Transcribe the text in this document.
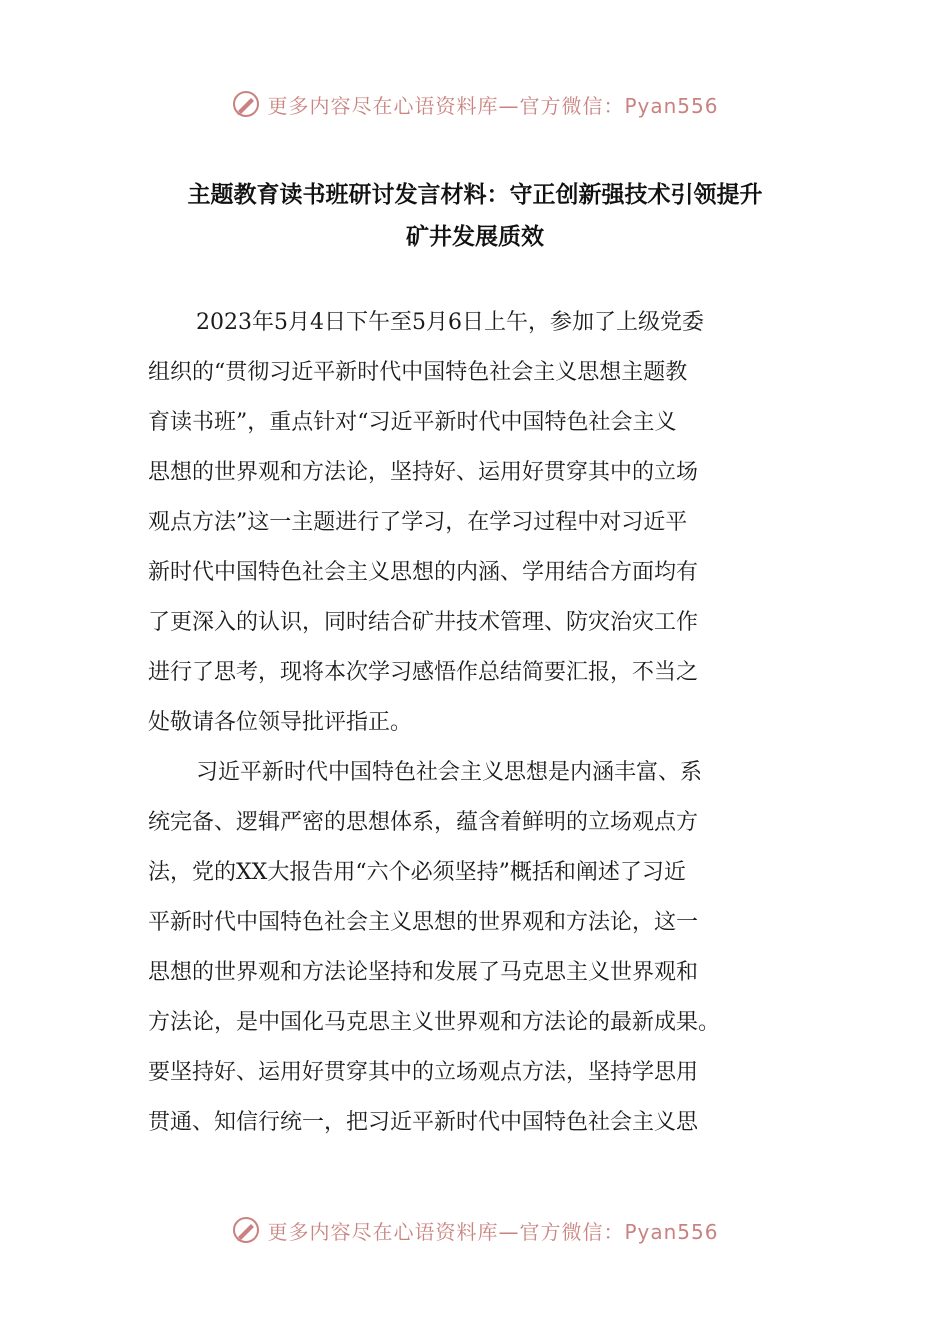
更多内容尽在心语资料库—官方微信：Pyan556
主题教育读书班研讨发言材料：守正创新强技术引领提升
矿井发展质效
2023年5月4日下午至5月6日上午，参加了上级党委
组织的“贯彻习近平新时代中国特色社会主义思想主题教
育读书班”，重点针对“习近平新时代中国特色社会主义
思想的世界观和方法论，坚持好、运用好贯穿其中的立场
观点方法”这一主题进行了学习，在学习过程中对习近平
新时代中国特色社会主义思想的内涵、学用结合方面均有
了更深入的认识，同时结合矿井技术管理、防灾治灾工作
进行了思考，现将本次学习感悟作总结简要汇报，不当之
处敬请各位领导批评指正。
习近平新时代中国特色社会主义思想是内涵丰富、系
统完备、逻辑严密的思想体系，蕴含着鲜明的立场观点方
法，党的XX大报告用“六个必须坚持”概括和阐述了习近
平新时代中国特色社会主义思想的世界观和方法论，这一
思想的世界观和方法论坚持和发展了马克思主义世界观和
方法论，是中国化马克思主义世界观和方法论的最新成果。
要坚持好、运用好贯穿其中的立场观点方法，坚持学思用
贯通、知信行统一，把习近平新时代中国特色社会主义思
更多内容尽在心语资料库—官方微信：Pyan556
